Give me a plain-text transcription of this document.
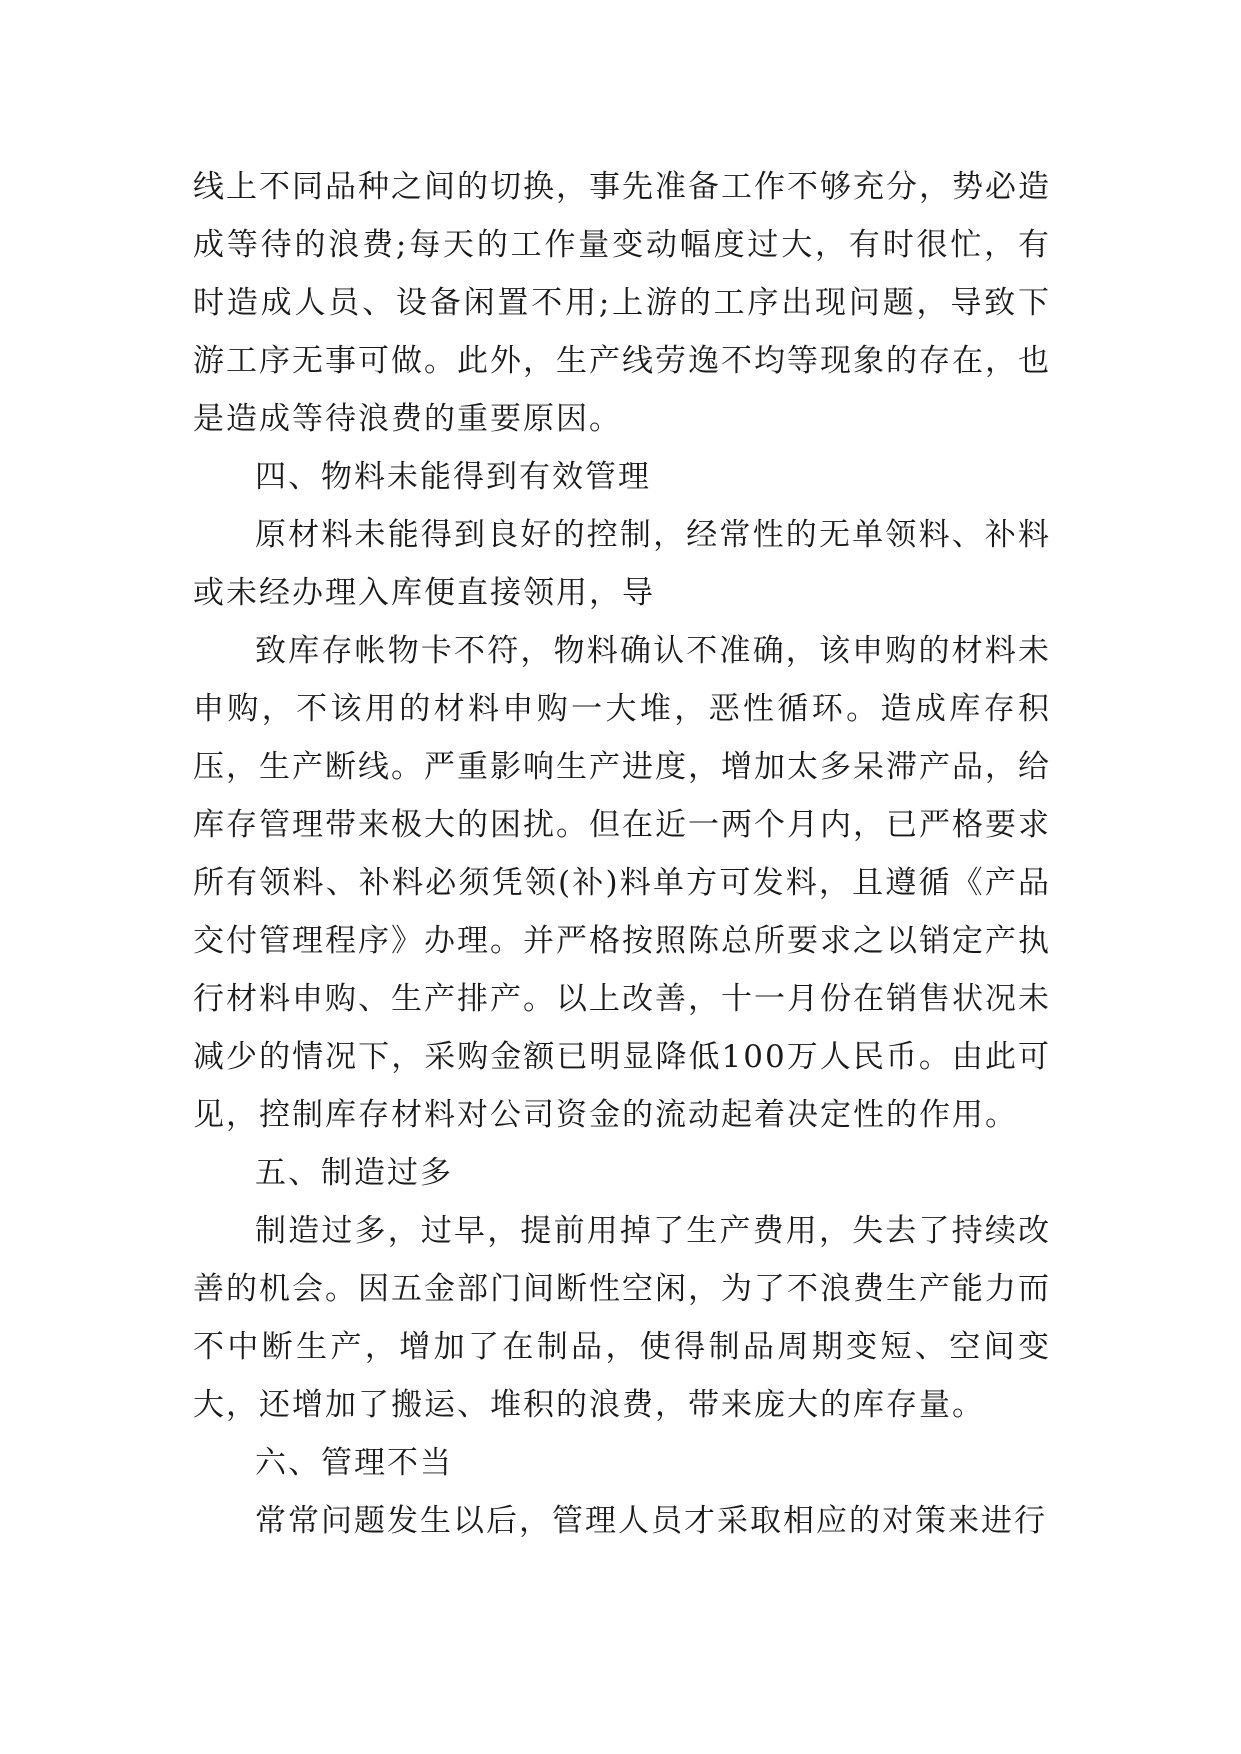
线上不同品种之间的切换，事先准备工作不够充分，势必造成等待的浪费;每天的工作量变动幅度过大，有时很忙，有时造成人员、设备闲置不用;上游的工序出现问题，导致下游工序无事可做。此外，生产线劳逸不均等现象的存在，也是造成等待浪费的重要原因。

四、物料未能得到有效管理

原材料未能得到良好的控制，经常性的无单领料、补料或未经办理入库便直接领用，导

致库存帐物卡不符，物料确认不准确，该申购的材料未申购，不该用的材料申购一大堆，恶性循环。造成库存积压，生产断线。严重影响生产进度，增加太多呆滞产品，给库存管理带来极大的困扰。但在近一两个月内，已严格要求所有领料、补料必须凭领(补)料单方可发料，且遵循《产品交付管理程序》办理。并严格按照陈总所要求之以销定产执行材料申购、生产排产。以上改善，十一月份在销售状况未减少的情况下，采购金额已明显降低100万人民币。由此可见，控制库存材料对公司资金的流动起着决定性的作用。

五、制造过多

制造过多，过早，提前用掉了生产费用，失去了持续改善的机会。因五金部门间断性空闲，为了不浪费生产能力而不中断生产，增加了在制品，使得制品周期变短、空间变大，还增加了搬运、堆积的浪费，带来庞大的库存量。

六、管理不当

常常问题发生以后，管理人员才采取相应的对策来进行
